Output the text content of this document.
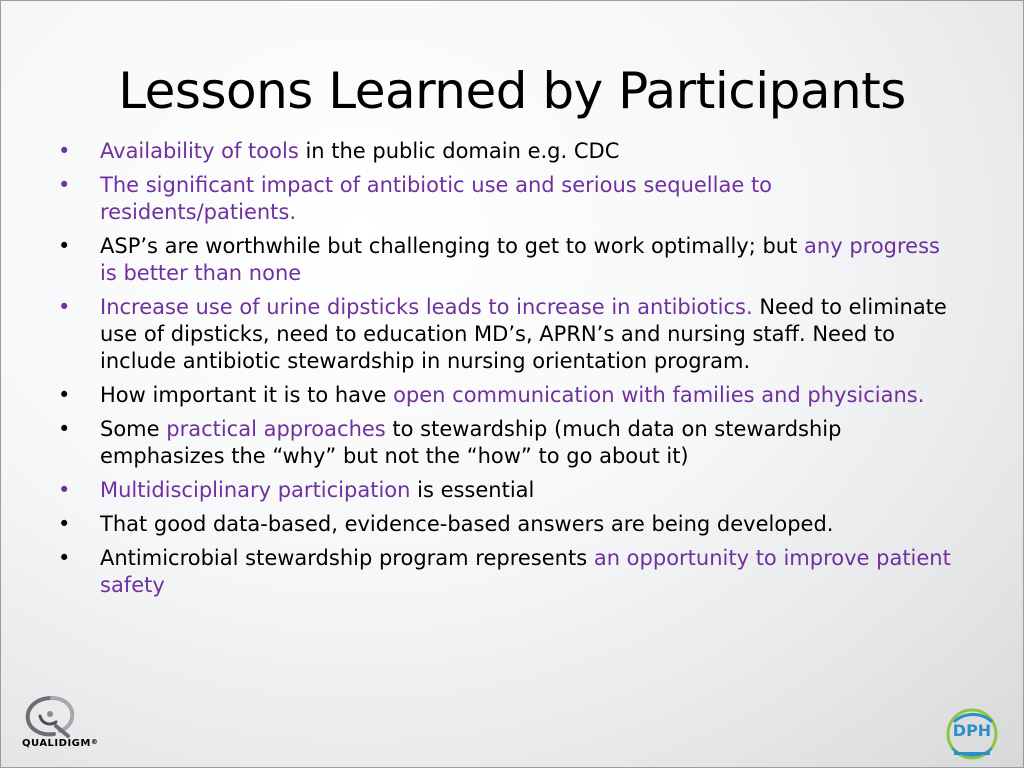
Lessons Learned by Participants
•	Availability of tools in the public domain e.g. CDC
•	The significant impact of antibiotic use and serious sequellae to residents/patients.
•	ASP’s are worthwhile but challenging to get to work optimally; but any progress is better than none
•	Increase use of urine dipsticks leads to increase in antibiotics. Need to eliminate use of dipsticks, need to education MD’s, APRN’s and nursing staff. Need to include antibiotic stewardship in nursing orientation program.
•	How important it is to have open communication with families and physicians.
•	Some practical approaches to stewardship (much data on stewardship emphasizes the “why” but not the “how” to go about it)
•	Multidisciplinary participation is essential
•	That good data-based, evidence-based answers are being developed.
•	Antimicrobial stewardship program represents an opportunity to improve patient safety
QUALIDIGM®
DPH
